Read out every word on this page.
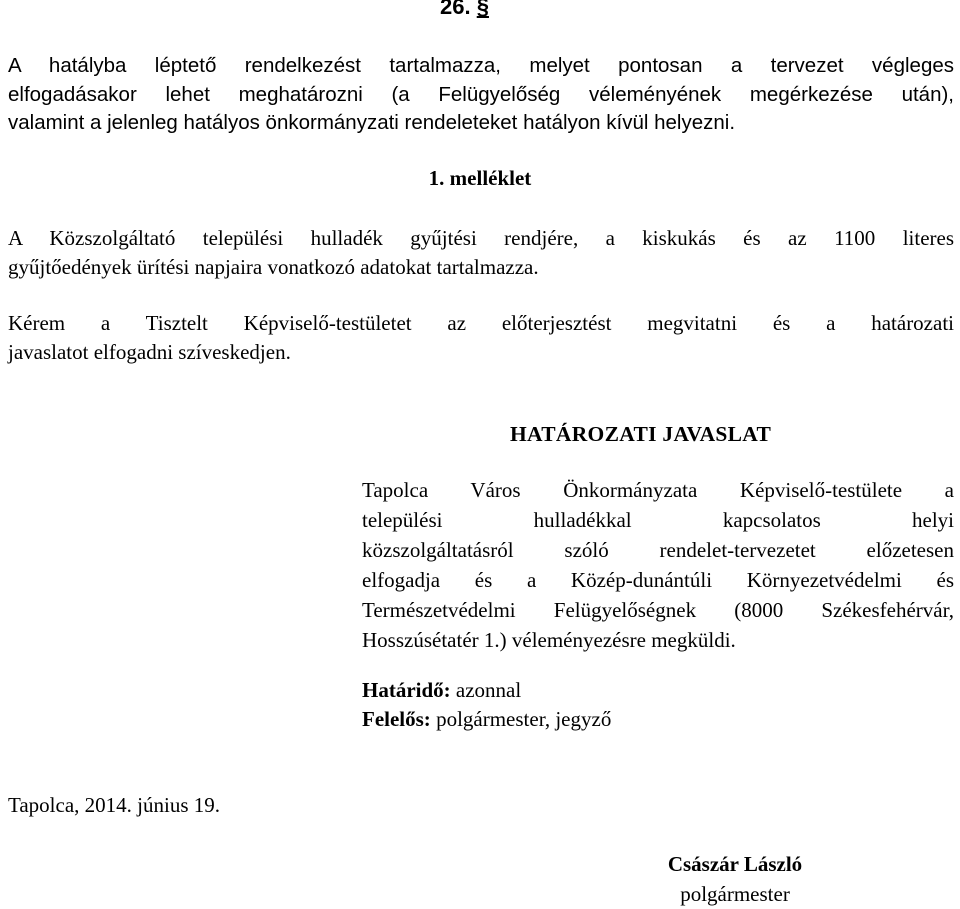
26. §
A hatályba léptető rendelkezést tartalmazza, melyet pontosan a tervezet végleges
elfogadásakor lehet meghatározni (a Felügyelőség véleményének megérkezése után),
valamint a jelenleg hatályos önkormányzati rendeleteket hatályon kívül helyezni.
1. melléklet
A Közszolgáltató települési hulladék gyűjtési rendjére, a kiskukás és az 1100 literes
gyűjtőedények ürítési napjaira vonatkozó adatokat tartalmazza.
Kérem a Tisztelt Képviselő-testületet az előterjesztést megvitatni és a határozati
javaslatot elfogadni szíveskedjen.
HATÁROZATI JAVASLAT
Tapolca Város Önkormányzata Képviselő-testülete a
települési hulladékkal kapcsolatos helyi
közszolgáltatásról szóló rendelet-tervezetet előzetesen
elfogadja és a Közép-dunántúli Környezetvédelmi és
Természetvédelmi Felügyelőségnek (8000 Székesfehérvár,
Hosszúsétatér 1.) véleményezésre megküldi.
Határidő: azonnal
Felelős: polgármester, jegyző
Tapolca, 2014. június 19.
Császár László
polgármester
